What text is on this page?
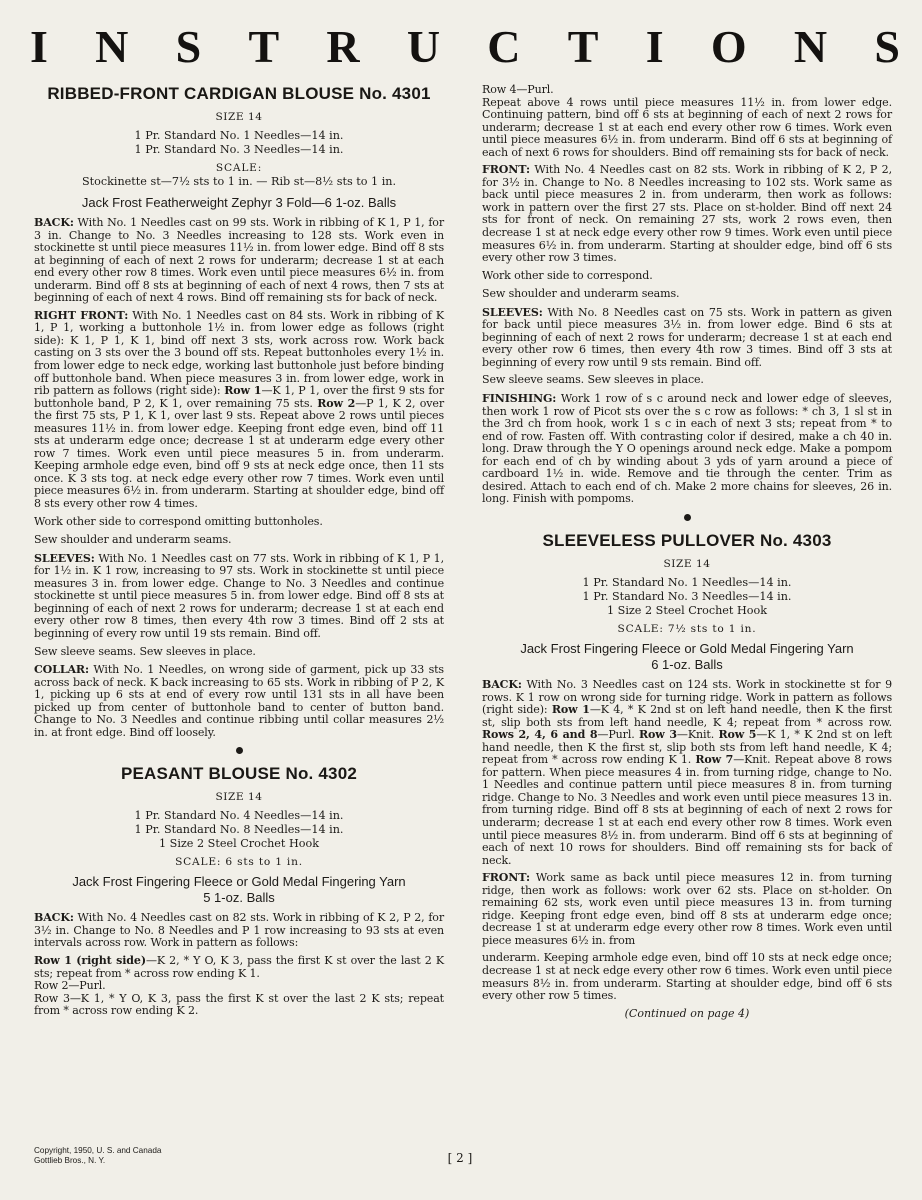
I N S T R U C T I O N S
RIBBED-FRONT CARDIGAN BLOUSE No. 4301

SIZE 14

1 Pr. Standard No. 1 Needles—14 in.

1 Pr. Standard No. 3 Needles—14 in.

SCALE:

Stockinette st—7½ sts to 1 in. — Rib st—8½ sts to 1 in.

Jack Frost Featherweight Zephyr 3 Fold—6 1-oz. Balls

BACK: With No. 1 Needles cast on 99 sts. Work in ribbing of K 1, P 1, for 3 in. Change to No. 3 Needles increasing to 128 sts. Work even in stockinette st until piece measures 11½ in. from lower edge. Bind off 8 sts at beginning of each of next 2 rows for underarm; decrease 1 st at each end every other row 8 times. Work even until piece measures 6½ in. from underarm. Bind off 8 sts at beginning of each of next 4 rows, then 7 sts at beginning of each of next 4 rows. Bind off remaining sts for back of neck.

RIGHT FRONT: With No. 1 Needles cast on 84 sts. Work in ribbing of K 1, P 1, working a buttonhole 1½ in. from lower edge as follows (right side): K 1, P 1, K 1, bind off next 3 sts, work across row. Work back casting on 3 sts over the 3 bound off sts. Repeat buttonholes every 1½ in. from lower edge to neck edge, working last buttonhole just before binding off buttonhole band. When piece measures 3 in. from lower edge, work in rib pattern as follows (right side): Row 1—K 1, P 1, over the first 9 sts for buttonhole band, P 2, K 1, over remaining 75 sts. Row 2—P 1, K 2, over the first 75 sts, P 1, K 1, over last 9 sts. Repeat above 2 rows until pieces measures 11½ in. from lower edge. Keeping front edge even, bind off 11 sts at underarm edge once; decrease 1 st at underarm edge every other row 7 times. Work even until piece measures 5 in. from underarm. Keeping armhole edge even, bind off 9 sts at neck edge once, then 11 sts once. K 3 sts tog. at neck edge every other row 7 times. Work even until piece measures 6½ in. from underarm. Starting at shoulder edge, bind off 8 sts every other row 4 times.

Work other side to correspond omitting buttonholes.

Sew shoulder and underarm seams.

SLEEVES: With No. 1 Needles cast on 77 sts. Work in ribbing of K 1, P 1, for 1½ in. K 1 row, increasing to 97 sts. Work in stockinette st until piece measures 3 in. from lower edge. Change to No. 3 Needles and continue stockinette st until piece measures 5 in. from lower edge. Bind off 8 sts at beginning of each of next 2 rows for underarm; decrease 1 st at each end every other row 8 times, then every 4th row 3 times. Bind off 2 sts at beginning of every row until 19 sts remain. Bind off.

Sew sleeve seams. Sew sleeves in place.

COLLAR: With No. 1 Needles, on wrong side of garment, pick up 33 sts across back of neck. K back increasing to 65 sts. Work in ribbing of P 2, K 1, picking up 6 sts at end of every row until 131 sts in all have been picked up from center of buttonhole band to center of button band. Change to No. 3 Needles and continue ribbing until collar measures 2½ in. at front edge. Bind off loosely.

PEASANT BLOUSE No. 4302

SIZE 14

1 Pr. Standard No. 4 Needles—14 in.

1 Pr. Standard No. 8 Needles—14 in.

1 Size 2 Steel Crochet Hook

SCALE: 6 sts to 1 in.

Jack Frost Fingering Fleece or Gold Medal Fingering Yarn
5 1-oz. Balls

BACK: With No. 4 Needles cast on 82 sts. Work in ribbing of K 2, P 2, for 3½ in. Change to No. 8 Needles and P 1 row increasing to 93 sts at even intervals across row. Work in pattern as follows:

Row 1 (right side)—K 2, * Y O, K 3, pass the first K st over the last 2 K sts; repeat from * across row ending K 1.

Row 2—Purl.

Row 3—K 1, * Y O, K 3, pass the first K st over the last 2 K sts; repeat from * across row ending K 2.

Row 4—Purl.

Repeat above 4 rows until piece measures 11½ in. from lower edge. Continuing pattern, bind off 6 sts at beginning of each of next 2 rows for underarm; decrease 1 st at each end every other row 6 times. Work even until piece measures 6½ in. from underarm. Bind off 6 sts at beginning of each of next 6 rows for shoulders. Bind off remaining sts for back of neck.

FRONT: With No. 4 Needles cast on 82 sts. Work in ribbing of K 2, P 2, for 3½ in. Change to No. 8 Needles increasing to 102 sts. Work same as back until piece measures 2 in. from underarm, then work as follows: work in pattern over the first 27 sts. Place on st-holder. Bind off next 24 sts for front of neck. On remaining 27 sts, work 2 rows even, then decrease 1 st at neck edge every other row 9 times. Work even until piece measures 6½ in. from underarm. Starting at shoulder edge, bind off 6 sts every other row 3 times.

Work other side to correspond.

Sew shoulder and underarm seams.

SLEEVES: With No. 8 Needles cast on 75 sts. Work in pattern as given for back until piece measures 3½ in. from lower edge. Bind 6 sts at beginning of each of next 2 rows for underarm; decrease 1 st at each end every other row 6 times, then every 4th row 3 times. Bind off 3 sts at beginning of every row until 9 sts remain. Bind off.

Sew sleeve seams. Sew sleeves in place.

FINISHING: Work 1 row of s c around neck and lower edge of sleeves, then work 1 row of Picot sts over the s c row as follows: * ch 3, 1 sl st in the 3rd ch from hook, work 1 s c in each of next 3 sts; repeat from * to end of row. Fasten off. With contrasting color if desired, make a ch 40 in. long. Draw through the Y O openings around neck edge. Make a pompom for each end of ch by winding about 3 yds of yarn around a piece of cardboard 1½ in. wide. Remove and tie through the center. Trim as desired. Attach to each end of ch. Make 2 more chains for sleeves, 26 in. long. Finish with pompoms.

SLEEVELESS PULLOVER No. 4303

SIZE 14

1 Pr. Standard No. 1 Needles—14 in.

1 Pr. Standard No. 3 Needles—14 in.

1 Size 2 Steel Crochet Hook

SCALE: 7½ sts to 1 in.

Jack Frost Fingering Fleece or Gold Medal Fingering Yarn
6 1-oz. Balls

BACK: With No. 3 Needles cast on 124 sts. Work in stockinette st for 9 rows. K 1 row on wrong side for turning ridge. Work in pattern as follows (right side): Row 1—K 4, * K 2nd st on left hand needle, then K the first st, slip both sts from left hand needle, K 4; repeat from * across row. Rows 2, 4, 6 and 8—Purl. Row 3—Knit. Row 5—K 1, * K 2nd st on left hand needle, then K the first st, slip both sts from left hand needle, K 4; repeat from * across row ending K 1. Row 7—Knit. Repeat above 8 rows for pattern. When piece measures 4 in. from turning ridge, change to No. 1 Needles and continue pattern until piece measures 8 in. from turning ridge. Change to No. 3 Needles and work even until piece measures 13 in. from turning ridge. Bind off 8 sts at beginning of each of next 2 rows for underarm; decrease 1 st at each end every other row 8 times. Work even until piece measures 8½ in. from underarm. Bind off 6 sts at beginning of each of next 10 rows for shoulders. Bind off remaining sts for back of neck.

FRONT: Work same as back until piece measures 12 in. from turning ridge, then work as follows: work over 62 sts. Place on st-holder. On remaining 62 sts, work even until piece measures 13 in. from turning ridge. Keeping front edge even, bind off 8 sts at underarm edge once; decrease 1 st at underarm edge every other row 8 times. Work even until piece measures 6½ in. from

underarm. Keeping armhole edge even, bind off 10 sts at neck edge once; decrease 1 st at neck edge every other row 6 times. Work even until piece measurs 8½ in. from underarm. Starting at shoulder edge, bind off 6 sts every other row 5 times.

(Continued on page 4)

Copyright, 1950, U. S. and Canada
Gottlieb Bros., N. Y.	[ 2 ]
